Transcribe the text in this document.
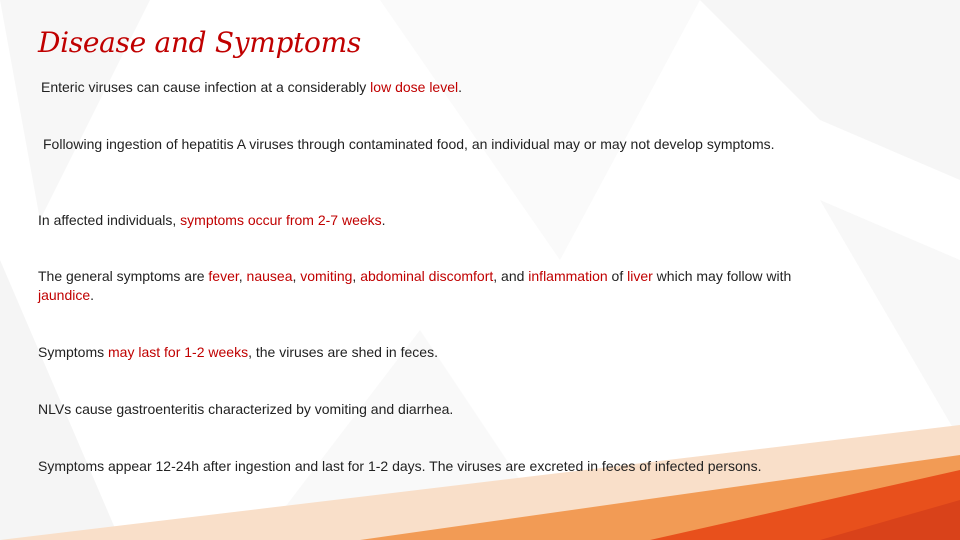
Disease and Symptoms

Enteric viruses can cause infection at a considerably low dose level.

Following ingestion of hepatitis A viruses through contaminated food, an individual may or may not develop symptoms.

In affected individuals, symptoms occur from 2-7 weeks.

The general symptoms are fever, nausea, vomiting, abdominal discomfort, and inflammation of liver which may follow with jaundice.

Symptoms may last for 1-2 weeks, the viruses are shed in feces.

NLVs cause gastroenteritis characterized by vomiting and diarrhea.

Symptoms appear 12-24h after ingestion and last for 1-2 days. The viruses are excreted in feces of infected persons.
